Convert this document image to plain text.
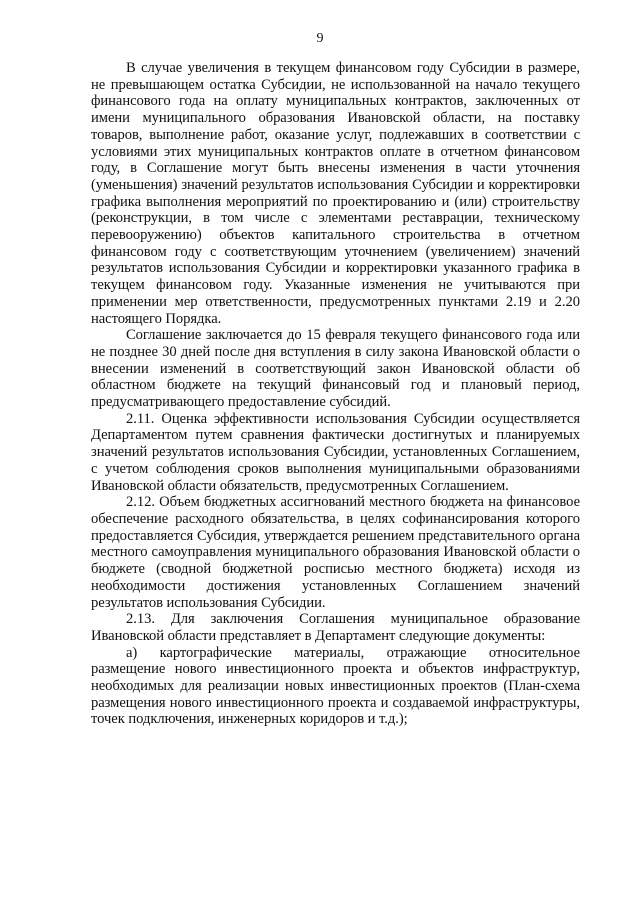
9

В случае увеличения в текущем финансовом году Субсидии в размере, не превышающем остатка Субсидии, не использованной на начало текущего финансового года на оплату муниципальных контрактов, заключенных от имени муниципального образования Ивановской области, на поставку товаров, выполнение работ, оказание услуг, подлежавших в соответствии с условиями этих муниципальных контрактов оплате в отчетном финансовом году, в Соглашение могут быть внесены изменения в части уточнения (уменьшения) значений результатов использования Субсидии и корректировки графика выполнения мероприятий по проектированию и (или) строительству (реконструкции, в том числе с элементами реставрации, техническому перевооружению) объектов капитального строительства в отчетном финансовом году с соответствующим уточнением (увеличением) значений результатов использования Субсидии и корректировки указанного графика в текущем финансовом году. Указанные изменения не учитываются при применении мер ответственности, предусмотренных пунктами 2.19 и 2.20 настоящего Порядка.

Соглашение заключается до 15 февраля текущего финансового года или не позднее 30 дней после дня вступления в силу закона Ивановской области о внесении изменений в соответствующий закон Ивановской области об областном бюджете на текущий финансовый год и плановый период, предусматривающего предоставление субсидий.

2.11. Оценка эффективности использования Субсидии осуществляется Департаментом путем сравнения фактически достигнутых и планируемых значений результатов использования Субсидии, установленных Соглашением, с учетом соблюдения сроков выполнения муниципальными образованиями Ивановской области обязательств, предусмотренных Соглашением.

2.12. Объем бюджетных ассигнований местного бюджета на финансовое обеспечение расходного обязательства, в целях софинансирования которого предоставляется Субсидия, утверждается решением представительного органа местного самоуправления муниципального образования Ивановской области о бюджете (сводной бюджетной росписью местного бюджета) исходя из необходимости достижения установленных Соглашением значений результатов использования Субсидии.

2.13. Для заключения Соглашения муниципальное образование Ивановской области представляет в Департамент следующие документы:

а) картографические материалы, отражающие относительное размещение нового инвестиционного проекта и объектов инфраструктур, необходимых для реализации новых инвестиционных проектов (План-схема размещения нового инвестиционного проекта и создаваемой инфраструктуры, точек подключения, инженерных коридоров и т.д.);
